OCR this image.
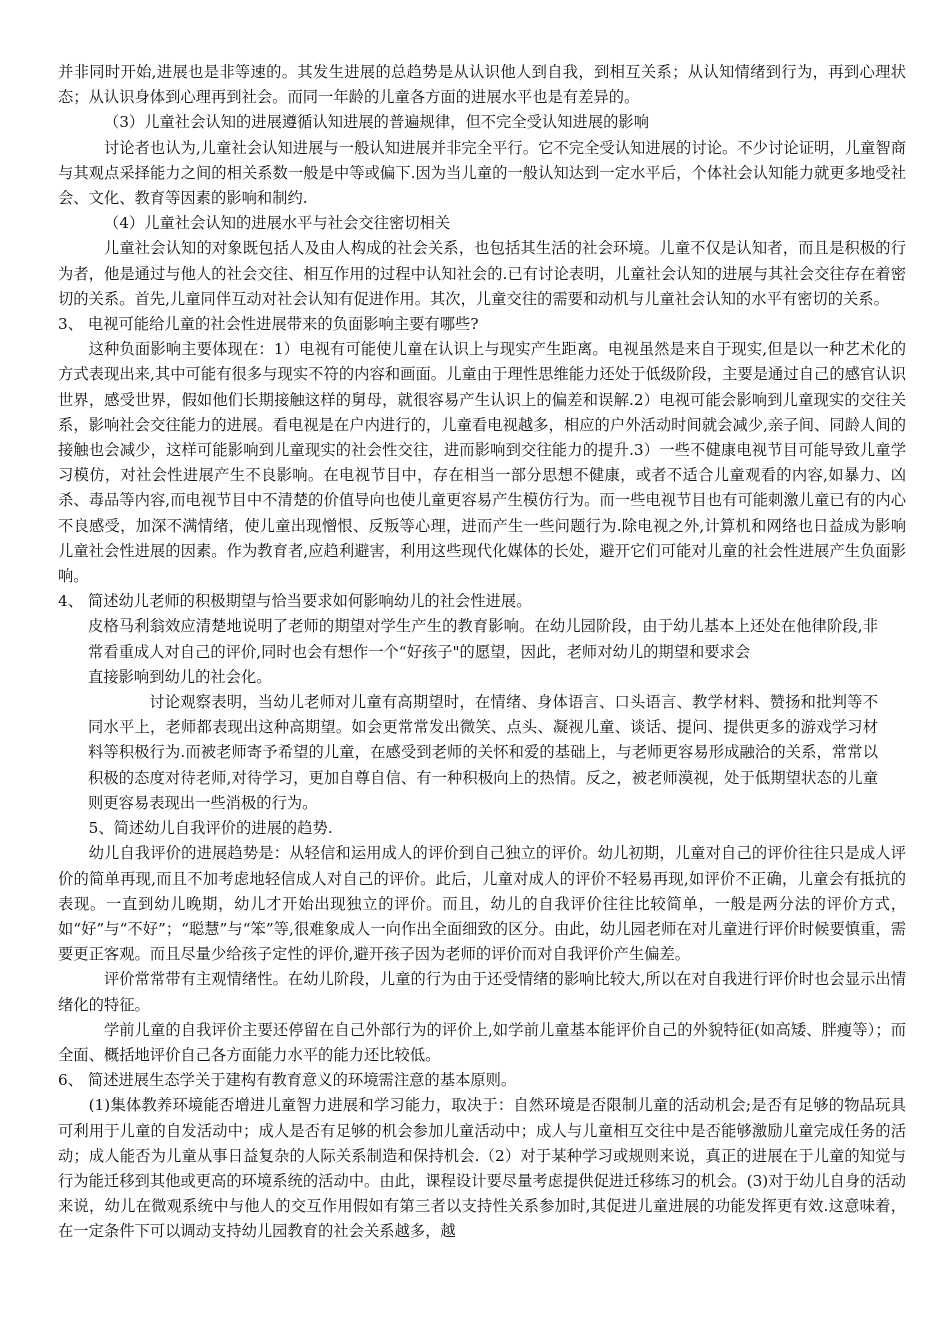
并非同时开始,进展也是非等速的。其发生进展的总趋势是从认识他人到自我，到相互关系；从认知情绪到行为，再到心理状态；从认识身体到心理再到社会。而同一年龄的儿童各方面的进展水平也是有差异的。

（3）儿童社会认知的进展遵循认知进展的普遍规律，但不完全受认知进展的影响

讨论者也认为,儿童社会认知进展与一般认知进展并非完全平行。它不完全受认知进展的讨论。不少讨论证明，儿童智商与其观点采择能力之间的相关系数一般是中等或偏下.因为当儿童的一般认知达到一定水平后，个体社会认知能力就更多地受社会、文化、教育等因素的影响和制约.

（4）儿童社会认知的进展水平与社会交往密切相关

儿童社会认知的对象既包括人及由人构成的社会关系，也包括其生活的社会环境。儿童不仅是认知者，而且是积极的行为者，他是通过与他人的社会交往、相互作用的过程中认知社会的.已有讨论表明，儿童社会认知的进展与其社会交往存在着密切的关系。首先,儿童同伴互动对社会认知有促进作用。其次，儿童交往的需要和动机与儿童社会认知的水平有密切的关系。

3、 电视可能给儿童的社会性进展带来的负面影响主要有哪些?

这种负面影响主要体现在：1）电视有可能使儿童在认识上与现实产生距离。电视虽然是来自于现实,但是以一种艺术化的方式表现出来,其中可能有很多与现实不符的内容和画面。儿童由于理性思维能力还处于低级阶段，主要是通过自己的感官认识世界，感受世界，假如他们长期接触这样的舅母，就很容易产生认识上的偏差和误解.2）电视可能会影响到儿童现实的交往关系，影响社会交往能力的进展。看电视是在户内进行的，儿童看电视越多，相应的户外活动时间就会减少,亲子间、同龄人间的接触也会减少，这样可能影响到儿童现实的社会性交往，进而影响到交往能力的提升.3）一些不健康电视节目可能导致儿童学习模仿，对社会性进展产生不良影响。在电视节目中，存在相当一部分思想不健康，或者不适合儿童观看的内容,如暴力、凶杀、毒品等内容,而电视节目中不清楚的价值导向也使儿童更容易产生模仿行为。而一些电视节目也有可能刺激儿童已有的内心不良感受，加深不满情绪，使儿童出现憎恨、反叛等心理，进而产生一些问题行为.除电视之外,计算机和网络也日益成为影响儿童社会性进展的因素。作为教育者,应趋利避害，利用这些现代化媒体的长处，避开它们可能对儿童的社会性进展产生负面影响。

4、 简述幼儿老师的积极期望与恰当要求如何影响幼儿的社会性进展。

皮格马利翁效应清楚地说明了老师的期望对学生产生的教育影响。在幼儿园阶段，由于幼儿基本上还处在他律阶段,非常看重成人对自己的评价,同时也会有想作一个“好孩子"的愿望，因此，老师对幼儿的期望和要求会

直接影响到幼儿的社会化。

讨论观察表明，当幼儿老师对儿童有高期望时，在情绪、身体语言、口头语言、教学材料、赞扬和批判等不同水平上，老师都表现出这种高期望。如会更常常发出微笑、点头、凝视儿童、谈话、提问、提供更多的游戏学习材料等积极行为.而被老师寄予希望的儿童，在感受到老师的关怀和爱的基础上，与老师更容易形成融洽的关系，常常以积极的态度对待老师,对待学习，更加自尊自信、有一种积极向上的热情。反之，被老师漠视，处于低期望状态的儿童则更容易表现出一些消极的行为。

5、简述幼儿自我评价的进展的趋势.

幼儿自我评价的进展趋势是：从轻信和运用成人的评价到自己独立的评价。幼儿初期，儿童对自己的评价往往只是成人评价的简单再现,而且不加考虑地轻信成人对自己的评价。此后，儿童对成人的评价不轻易再现,如评价不正确，儿童会有抵抗的表现。一直到幼儿晚期，幼儿才开始出现独立的评价。而且，幼儿的自我评价往往比较简单，一般是两分法的评价方式，如“好”与“不好”；“聪慧”与“笨”等,很难象成人一向作出全面细致的区分。由此，幼儿园老师在对儿童进行评价时候要慎重，需要更正客观。而且尽量少给孩子定性的评价,避开孩子因为老师的评价而对自我评价产生偏差。

评价常常带有主观情绪性。在幼儿阶段，儿童的行为由于还受情绪的影响比较大,所以在对自我进行评价时也会显示出情绪化的特征。

学前儿童的自我评价主要还停留在自己外部行为的评价上,如学前儿童基本能评价自己的外貌特征(如高矮、胖瘦等）；而全面、概括地评价自己各方面能力水平的能力还比较低。

6、 简述进展生态学关于建构有教育意义的环境需注意的基本原则。

(1)集体教养环境能否增进儿童智力进展和学习能力，取决于：自然环境是否限制儿童的活动机会;是否有足够的物品玩具可利用于儿童的自发活动中；成人是否有足够的机会参加儿童活动中；成人与儿童相互交往中是否能够激励儿童完成任务的活动；成人能否为儿童从事日益复杂的人际关系制造和保持机会.（2）对于某种学习或规则来说，真正的进展在于儿童的知觉与行为能迁移到其他或更高的环境系统的活动中。由此，课程设计要尽量考虑提供促进迁移练习的机会。(3)对于幼儿自身的活动来说，幼儿在微观系统中与他人的交互作用假如有第三者以支持性关系参加时,其促进儿童进展的功能发挥更有效.这意味着，在一定条件下可以调动支持幼儿园教育的社会关系越多，越
